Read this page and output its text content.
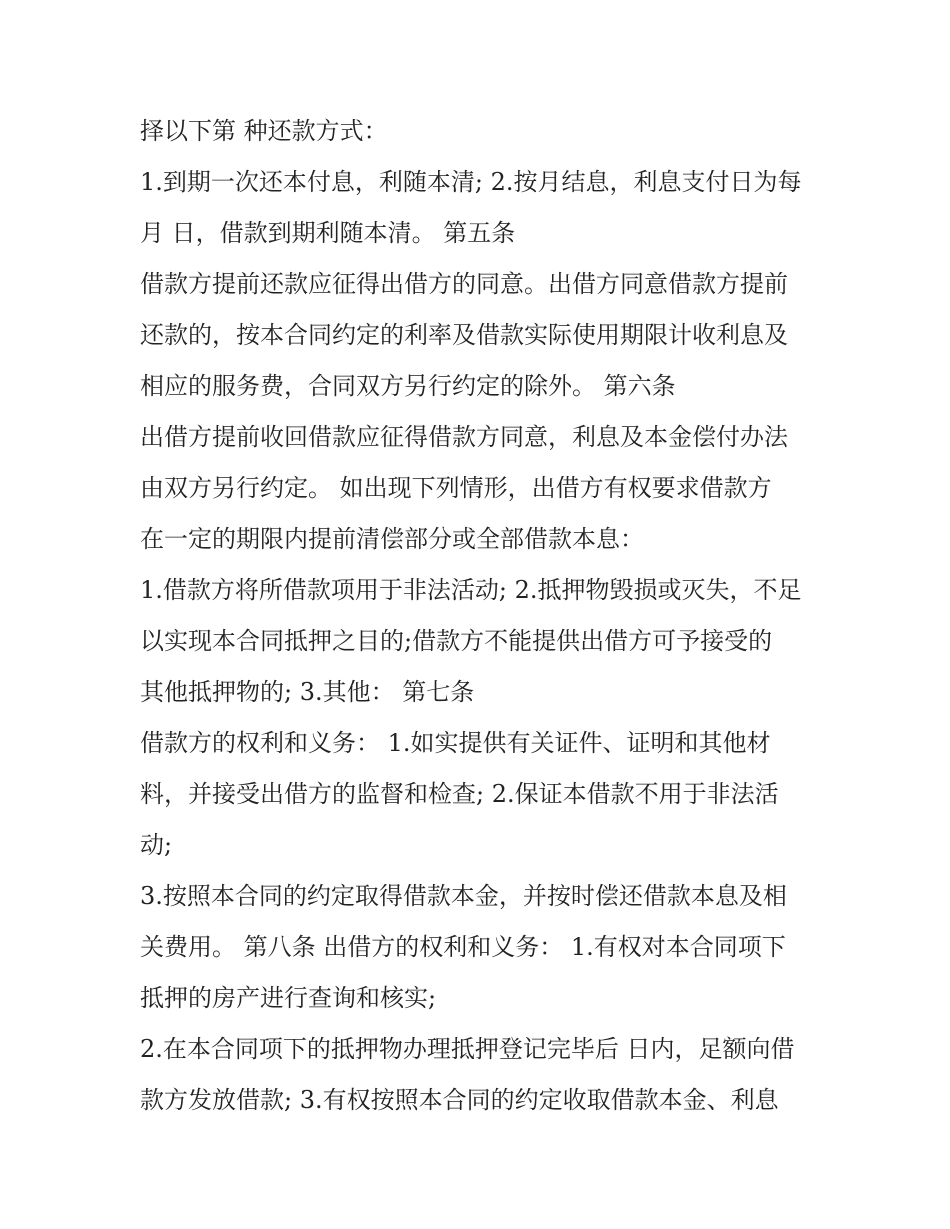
择以下第 种还款方式：
1.到期一次还本付息，利随本清; 2.按月结息，利息支付日为每
月 日，借款到期利随本清。 第五条
借款方提前还款应征得出借方的同意。出借方同意借款方提前
还款的，按本合同约定的利率及借款实际使用期限计收利息及
相应的服务费，合同双方另行约定的除外。 第六条
出借方提前收回借款应征得借款方同意，利息及本金偿付办法
由双方另行约定。 如出现下列情形，出借方有权要求借款方
在一定的期限内提前清偿部分或全部借款本息：
1.借款方将所借款项用于非法活动; 2.抵押物毁损或灭失，不足
以实现本合同抵押之目的;借款方不能提供出借方可予接受的
其他抵押物的; 3.其他： 第七条
借款方的权利和义务： 1.如实提供有关证件、证明和其他材
料，并接受出借方的监督和检查; 2.保证本借款不用于非法活
动;
3.按照本合同的约定取得借款本金，并按时偿还借款本息及相
关费用。 第八条 出借方的权利和义务： 1.有权对本合同项下
抵押的房产进行查询和核实;
2.在本合同项下的抵押物办理抵押登记完毕后 日内，足额向借
款方发放借款; 3.有权按照本合同的约定收取借款本金、利息
